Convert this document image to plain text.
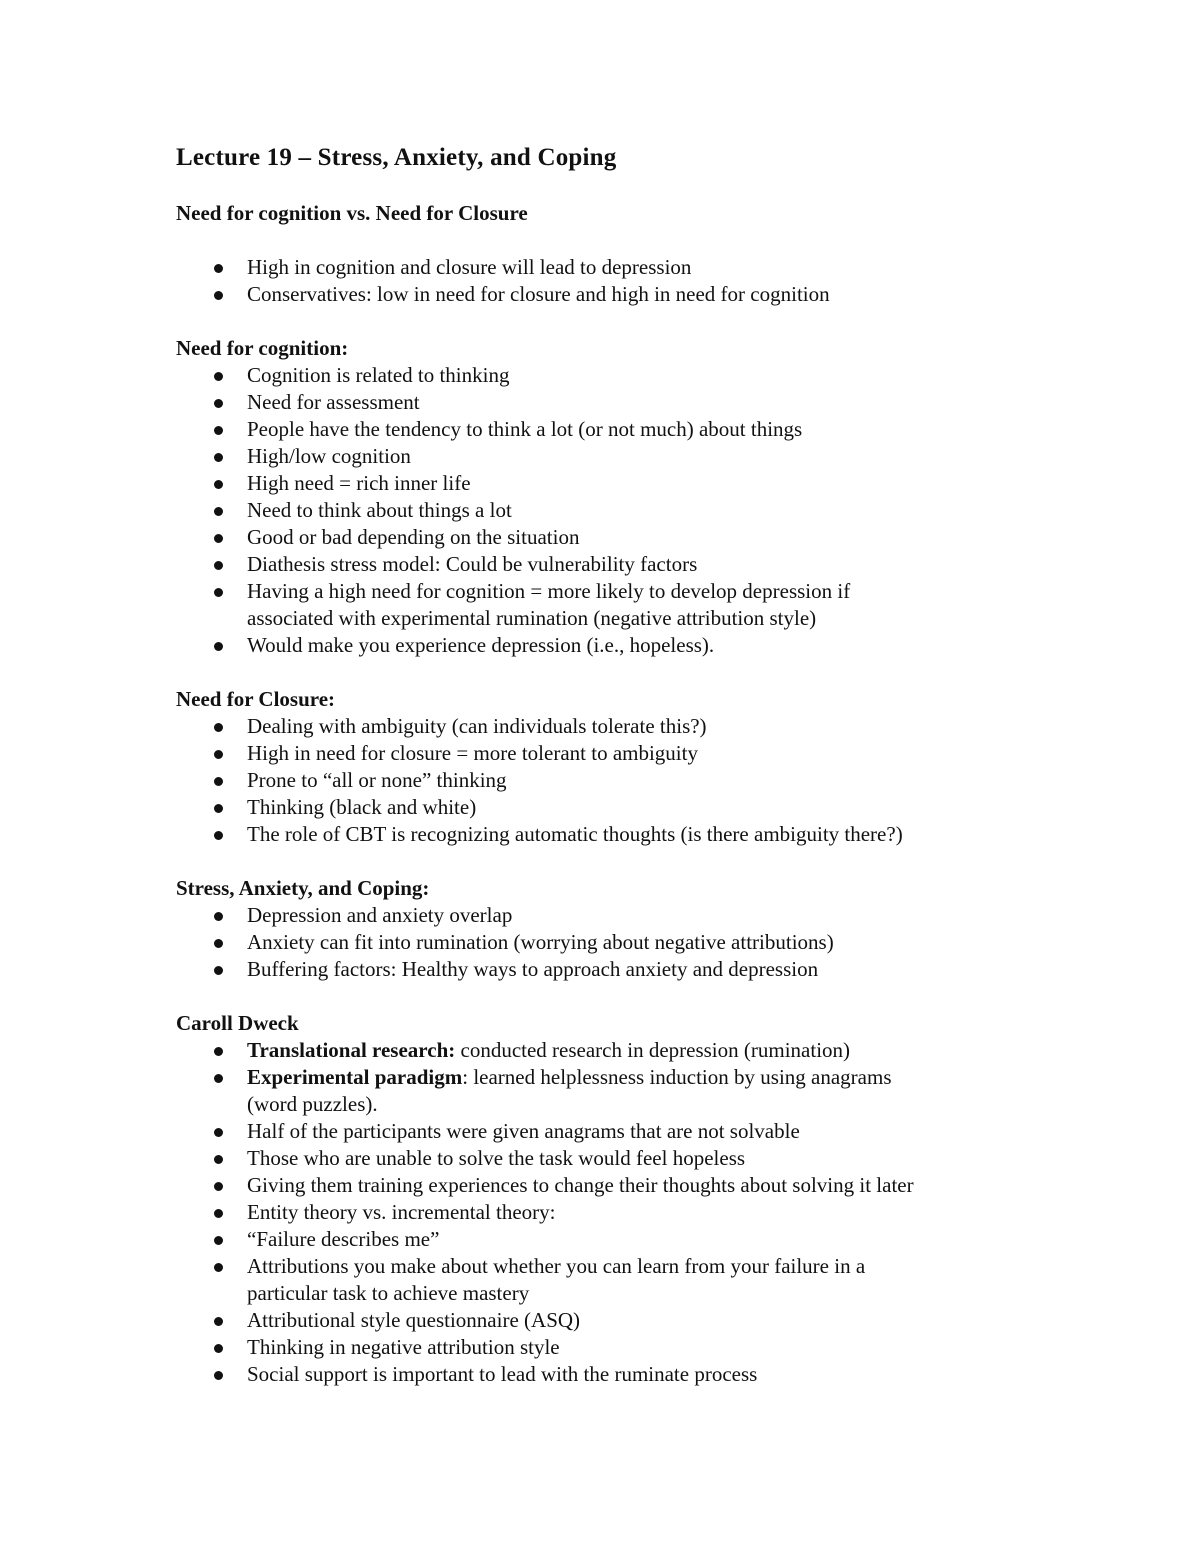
Lecture 19 – Stress, Anxiety, and Coping
Need for cognition vs. Need for Closure
High in cognition and closure will lead to depression
Conservatives: low in need for closure and high in need for cognition
Need for cognition:
Cognition is related to thinking
Need for assessment
People have the tendency to think a lot (or not much) about things
High/low cognition
High need = rich inner life
Need to think about things a lot
Good or bad depending on the situation
Diathesis stress model: Could be vulnerability factors
Having a high need for cognition = more likely to develop depression if
associated with experimental rumination (negative attribution style)
Would make you experience depression (i.e., hopeless).
Need for Closure:
Dealing with ambiguity (can individuals tolerate this?)
High in need for closure = more tolerant to ambiguity
Prone to “all or none” thinking
Thinking (black and white)
The role of CBT is recognizing automatic thoughts (is there ambiguity there?)
Stress, Anxiety, and Coping:
Depression and anxiety overlap
Anxiety can fit into rumination (worrying about negative attributions)
Buffering factors: Healthy ways to approach anxiety and depression
Caroll Dweck
Translational research: conducted research in depression (rumination)
Experimental paradigm: learned helplessness induction by using anagrams
(word puzzles).
Half of the participants were given anagrams that are not solvable
Those who are unable to solve the task would feel hopeless
Giving them training experiences to change their thoughts about solving it later
Entity theory vs. incremental theory:
“Failure describes me”
Attributions you make about whether you can learn from your failure in a
particular task to achieve mastery
Attributional style questionnaire (ASQ)
Thinking in negative attribution style
Social support is important to lead with the ruminate process
